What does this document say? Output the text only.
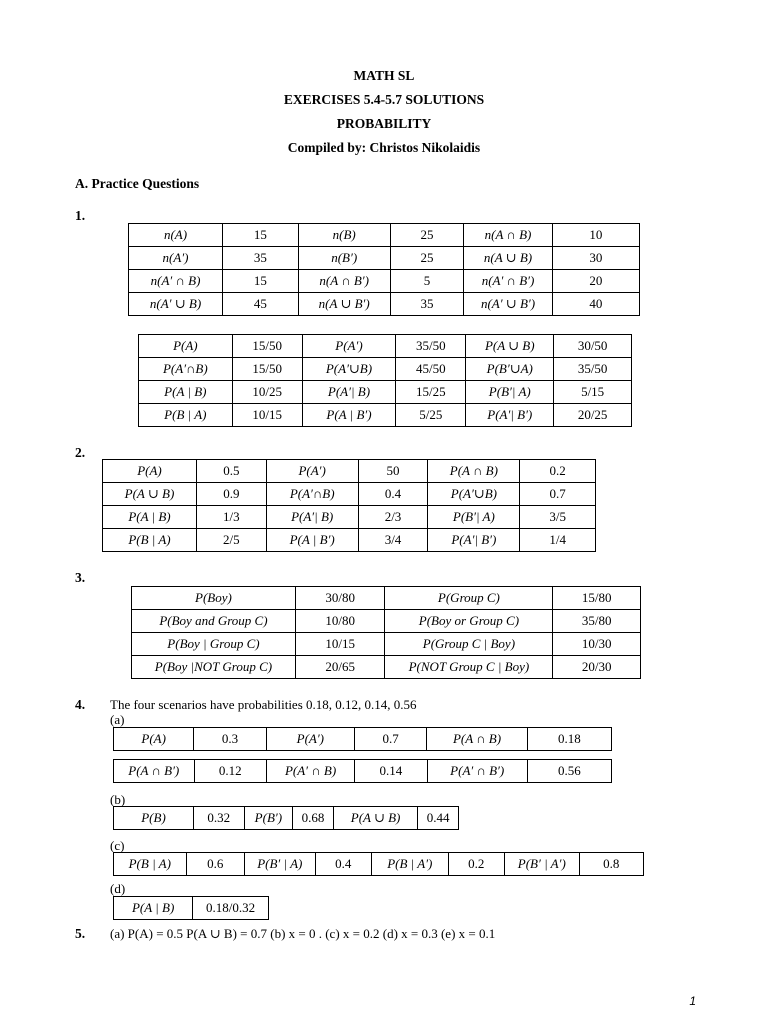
MATH SL
EXERCISES 5.4-5.7 SOLUTIONS
PROBABILITY
Compiled by: Christos Nikolaidis
A. Practice Questions
1.
n(A)	15	n(B)	25	n(A ∩ B)	10
n(A′)	35	n(B′)	25	n(A ∪ B)	30
n(A′ ∩ B)	15	n(A ∩ B′)	5	n(A′ ∩ B′)	20
n(A′ ∪ B)	45	n(A ∪ B′)	35	n(A′ ∪ B′)	40
P(A)	15/50	P(A′)	35/50	P(A ∪ B)	30/50
P(A′∩B)	15/50	P(A′∪B)	45/50	P(B′∪A)	35/50
P(A | B)	10/25	P(A′| B)	15/25	P(B′| A)	5/15
P(B | A)	10/15	P(A | B′)	5/25	P(A′| B′)	20/25
2.
P(A)	0.5	P(A′)	50	P(A ∩ B)	0.2
P(A ∪ B)	0.9	P(A′∩B)	0.4	P(A′∪B)	0.7
P(A | B)	1/3	P(A′| B)	2/3	P(B′| A)	3/5
P(B | A)	2/5	P(A | B′)	3/4	P(A′| B′)	1/4
3.
P(Boy)	30/80	P(Group C)	15/80
P(Boy and Group C)	10/80	P(Boy or Group C)	35/80
P(Boy | Group C)	10/15	P(Group C | Boy)	10/30
P(Boy |NOT Group C)	20/65	P(NOT Group C | Boy)	20/30
4. The four scenarios have probabilities 0.18, 0.12, 0.14, 0.56
(a)
P(A)	0.3	P(A′)	0.7	P(A ∩ B)	0.18
P(A ∩ B′)	0.12	P(A′ ∩ B)	0.14	P(A′ ∩ B′)	0.56
(b)
P(B)	0.32	P(B′)	0.68	P(A ∪ B)	0.44
(c)
P(B | A)	0.6	P(B′ | A)	0.4	P(B | A′)	0.2	P(B′ | A′)	0.8
(d)
P(A | B)	0.18/0.32
5. (a) P(A) = 0.5 P(A ∪ B) = 0.7 (b) x = 0 . (c) x = 0.2 (d) x = 0.3 (e) x = 0.1
1
